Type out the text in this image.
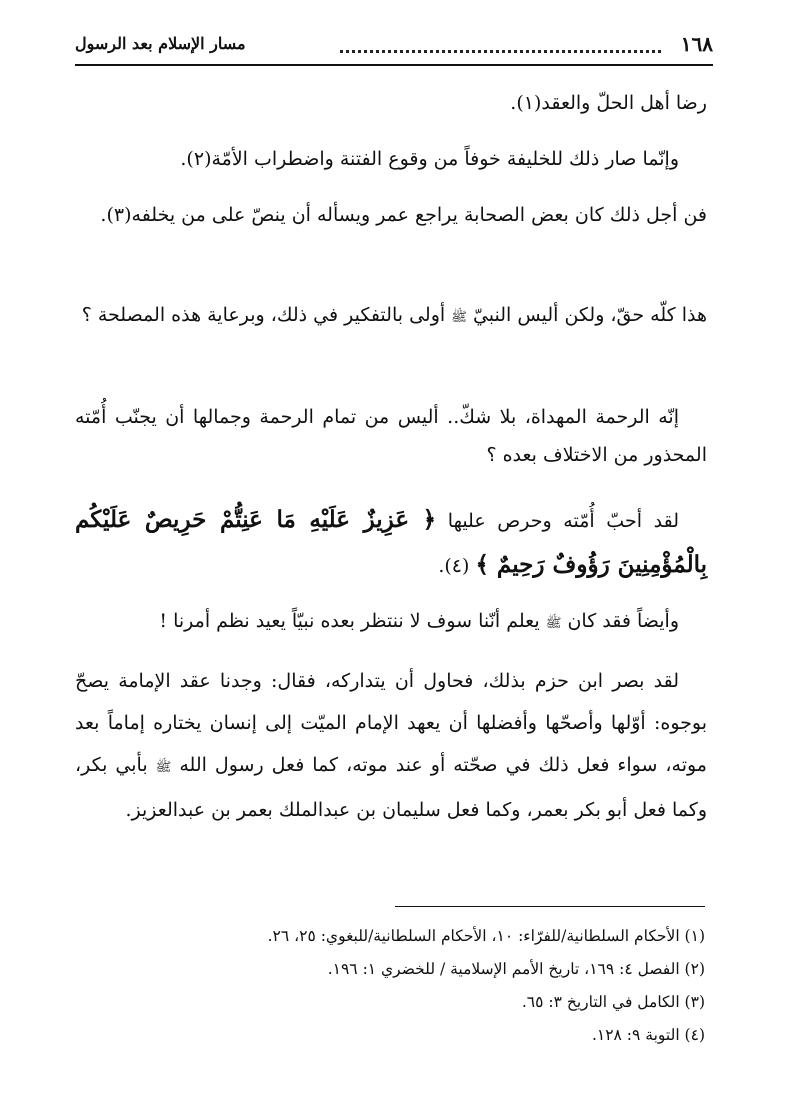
١٦٨
مسار الإسلام بعد الرسول

رضا أهل الحلّ والعقد(١).

وإنّما صار ذلك للخليفة خوفاً من وقوع الفتنة واضطراب الأمّة(٢).

فن أجل ذلك كان بعض الصحابة يراجع عمر ويسأله أن ينصّ على من يخلفه(٣).

هذا كلّه حقّ، ولكن أليس النبيّ ﷺ أولى بالتفكير في ذلك، وبرعاية هذه المصلحة ؟

إنّه الرحمة المهداة، بلا شكّ.. أليس من تمام الرحمة وجمالها أن يجنّب أُمّته المحذور من الاختلاف بعده ؟

لقد أحبّ أُمّته وحرص عليها ﴿ عَزِيزٌ عَلَيْهِ مَا عَنِتُّمْ حَرِيصٌ عَلَيْكُم بِالْمُؤْمِنِينَ رَؤُوفٌ رَحِيمٌ ﴾ (٤).

وأيضاً فقد كان ﷺ يعلم أنّنا سوف لا ننتظر بعده نبيّاً يعيد نظم أمرنا !

لقد بصر ابن حزم بذلك، فحاول أن يتداركه، فقال: وجدنا عقد الإمامة يصحّ بوجوه: أوّلها وأصحّها وأفضلها أن يعهد الإمام الميّت إلى إنسان يختاره إماماً بعد موته، سواء فعل ذلك في صحّته أو عند موته، كما فعل رسول الله ﷺ بأبي بكر، وكما فعل أبو بكر بعمر، وكما فعل سليمان بن عبدالملك بعمر بن عبدالعزيز.

(١) الأحكام السلطانية/للفرّاء: ١٠، الأحكام السلطانية/للبغوي: ٢٥، ٢٦.

(٢) الفصل ٤: ١٦٩، تاريخ الأمم الإسلامية / للخضري ١: ١٩٦.

(٣) الكامل في التاريخ ٣: ٦٥.

(٤) التوبة ٩: ١٢٨.
